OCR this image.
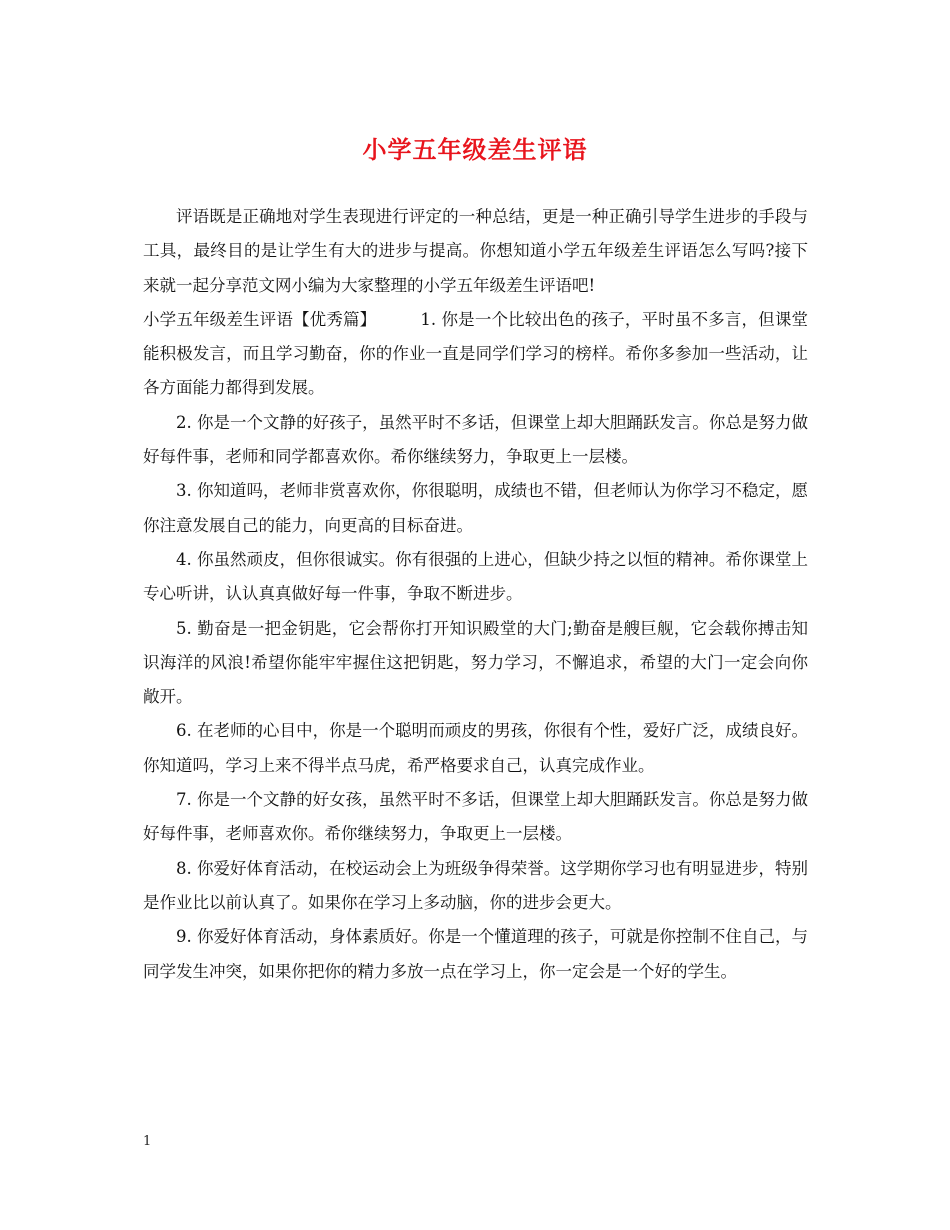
小学五年级差生评语

评语既是正确地对学生表现进行评定的一种总结，更是一种正确引导学生进步的手段与工具，最终目的是让学生有大的进步与提高。你想知道小学五年级差生评语怎么写吗?接下来就一起分享范文网小编为大家整理的小学五年级差生评语吧!

小学五年级差生评语【优秀篇】	1. 你是一个比较出色的孩子，平时虽不多言，但课堂能积极发言，而且学习勤奋，你的作业一直是同学们学习的榜样。希你多参加一些活动，让各方面能力都得到发展。

2. 你是一个文静的好孩子，虽然平时不多话，但课堂上却大胆踊跃发言。你总是努力做好每件事，老师和同学都喜欢你。希你继续努力，争取更上一层楼。

3. 你知道吗，老师非赏喜欢你，你很聪明，成绩也不错，但老师认为你学习不稳定，愿你注意发展自己的能力，向更高的目标奋进。

4. 你虽然顽皮，但你很诚实。你有很强的上进心，但缺少持之以恒的精神。希你课堂上专心听讲，认认真真做好每一件事，争取不断进步。

5. 勤奋是一把金钥匙，它会帮你打开知识殿堂的大门;勤奋是艘巨舰，它会载你搏击知识海洋的风浪!希望你能牢牢握住这把钥匙，努力学习，不懈追求，希望的大门一定会向你敞开。

6. 在老师的心目中，你是一个聪明而顽皮的男孩，你很有个性，爱好广泛，成绩良好。你知道吗，学习上来不得半点马虎，希严格要求自己，认真完成作业。

7. 你是一个文静的好女孩，虽然平时不多话，但课堂上却大胆踊跃发言。你总是努力做好每件事，老师喜欢你。希你继续努力，争取更上一层楼。

8. 你爱好体育活动，在校运动会上为班级争得荣誉。这学期你学习也有明显进步，特别是作业比以前认真了。如果你在学习上多动脑，你的进步会更大。

9. 你爱好体育活动，身体素质好。你是一个懂道理的孩子，可就是你控制不住自己，与同学发生冲突，如果你把你的精力多放一点在学习上，你一定会是一个好的学生。

1
